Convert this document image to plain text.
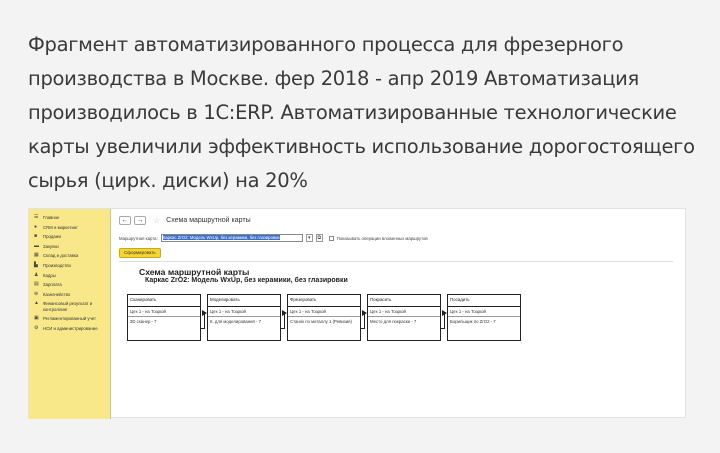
Фрагмент автоматизированного процесса для фрезерного производства в Москве. фер 2018 - апр 2019 Автоматизация производилось в 1С:ERP. Автоматизированные технологические карты увеличили эффективность использование дорогостоящего сырья (цирк. диски) на 20%
☰ Главное
●	CRM и маркетинг
■	Продажи
▬ Закупки
▦ Склад и доставка
▙ Производство
♟ Кадры
▤ Зарплата
⊛ Казначейство
▲ Финансовый результат и контроллинг
▣ Регламентированный учет
⚙ НСИ и администрирование
←	→	☆ Схема маршрутной карты
Маршрутная карта:	Каркас ZrO2: Модель WxUp, без керамики, без глазировки	▾	⧉	Показывать операции вложенных маршрутов
Сформировать
Схема маршрутной карты
Каркас ZrO2: Модель WxUp, без керамики, без глазировки
Сканировать
Цех 1 - на Тощкой
3D сканер - 7
Моделировать
Цех 1 - на Тощкой
К. для моделирования - 7
Фрезеровать
Цех 1 - на Тощкой
Станок по металлу 1 (Ревизия)
Покрасить
Цех 1 - на Тощкой
Место для покраски - 7
Посадить
Цех 1 - на Тощкой
Борильщик по ZrO2 - 7
